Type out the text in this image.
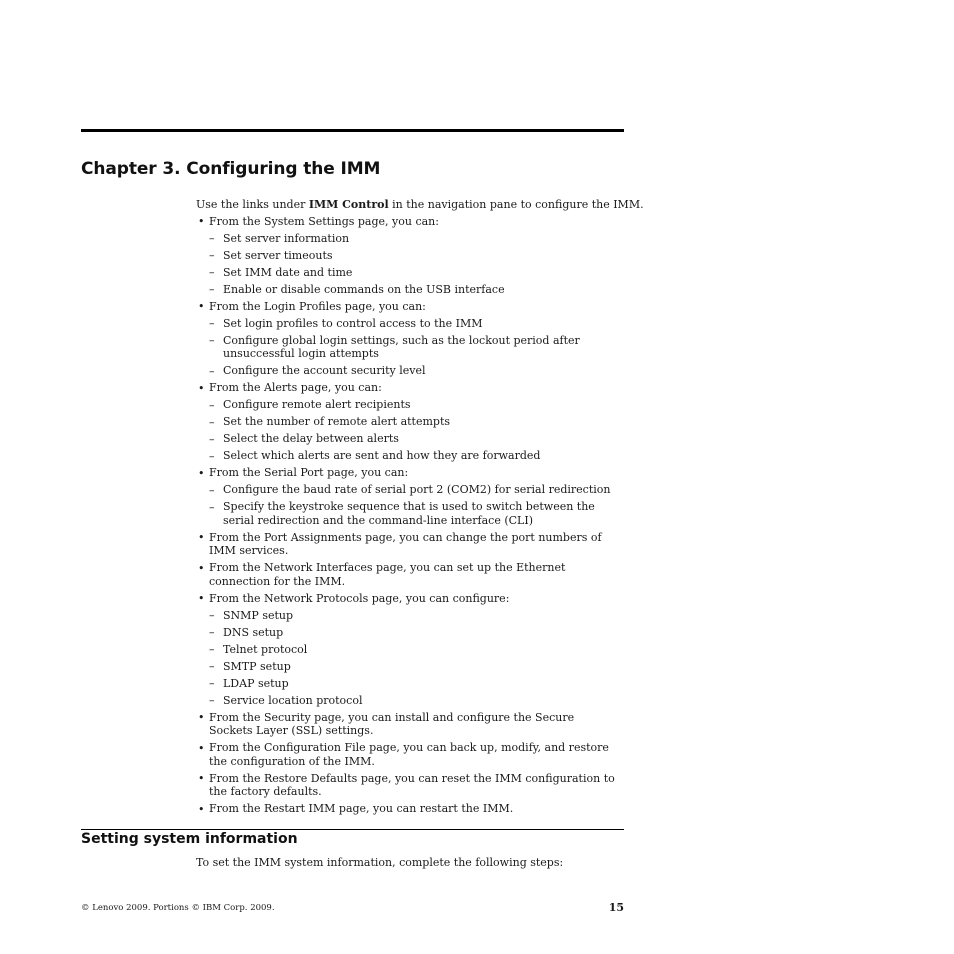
Chapter 3. Configuring the IMM

Use the links under IMM Control in the navigation pane to configure the IMM.

• From the System Settings page, you can:
– Set server information
– Set server timeouts
– Set IMM date and time
– Enable or disable commands on the USB interface
• From the Login Profiles page, you can:
– Set login profiles to control access to the IMM
– Configure global login settings, such as the lockout period after unsuccessful login attempts
– Configure the account security level
• From the Alerts page, you can:
– Configure remote alert recipients
– Set the number of remote alert attempts
– Select the delay between alerts
– Select which alerts are sent and how they are forwarded
• From the Serial Port page, you can:
– Configure the baud rate of serial port 2 (COM2) for serial redirection
– Specify the keystroke sequence that is used to switch between the serial redirection and the command-line interface (CLI)
• From the Port Assignments page, you can change the port numbers of IMM services.
• From the Network Interfaces page, you can set up the Ethernet connection for the IMM.
• From the Network Protocols page, you can configure:
– SNMP setup
– DNS setup
– Telnet protocol
– SMTP setup
– LDAP setup
– Service location protocol
• From the Security page, you can install and configure the Secure Sockets Layer (SSL) settings.
• From the Configuration File page, you can back up, modify, and restore the configuration of the IMM.
• From the Restore Defaults page, you can reset the IMM configuration to the factory defaults.
• From the Restart IMM page, you can restart the IMM.
Setting system information

To set the IMM system information, complete the following steps:

© Lenovo 2009. Portions © IBM Corp. 2009.	15
